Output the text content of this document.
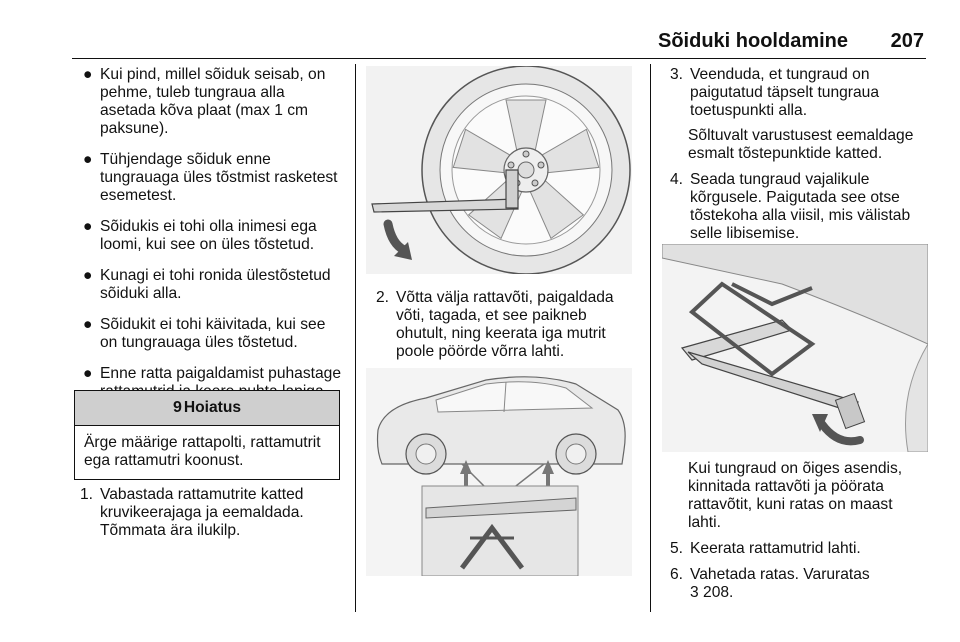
Sõiduki hooldamine 207
● Kui pind, millel sõiduk seisab, on pehme, tuleb tungraua alla asetada kõva plaat (max 1 cm paksune).
● Tühjendage sõiduk enne tungrauaga üles tõstmist rasketest esemetest.
● Sõidukis ei tohi olla inimesi ega loomi, kui see on üles tõstetud.
● Kunagi ei tohi ronida ülestõstetud sõiduki alla.
● Sõidukit ei tohi käivitada, kui see on tungrauaga üles tõstetud.
● Enne ratta paigaldamist puhastage
9 Hoiatus
Ärge määrige rattapolti, rattamutrit ega rattamutri koonust.
1. Vabastada rattamutrite katted kruvikeerajaga ja eemaldada. Tõmmata ära ilukilp.
2. Võtta välja rattavõti, paigaldada võti, tagada, et see paikneb ohutult, ning keerata iga mutrit poole pöörde võrra lahti.
3. Veenduda, et tungraud on paigutatud täpselt tungraua toetuspunkti alla.

Sõltuvalt varustusest eemaldage esmalt tõstepunktide katted.

4. Seada tungraud vajalikule kõrgusele. Paigutada see otse tõstekoha alla viisil, mis välistab selle libisemise.

Kui tungraud on õiges asendis, kinnitada rattavõti ja pöörata rattavõtit, kuni ratas on maast lahti.

5. Keerata rattamutrid lahti.
6. Vahetada ratas. Varuratas
3 208.
